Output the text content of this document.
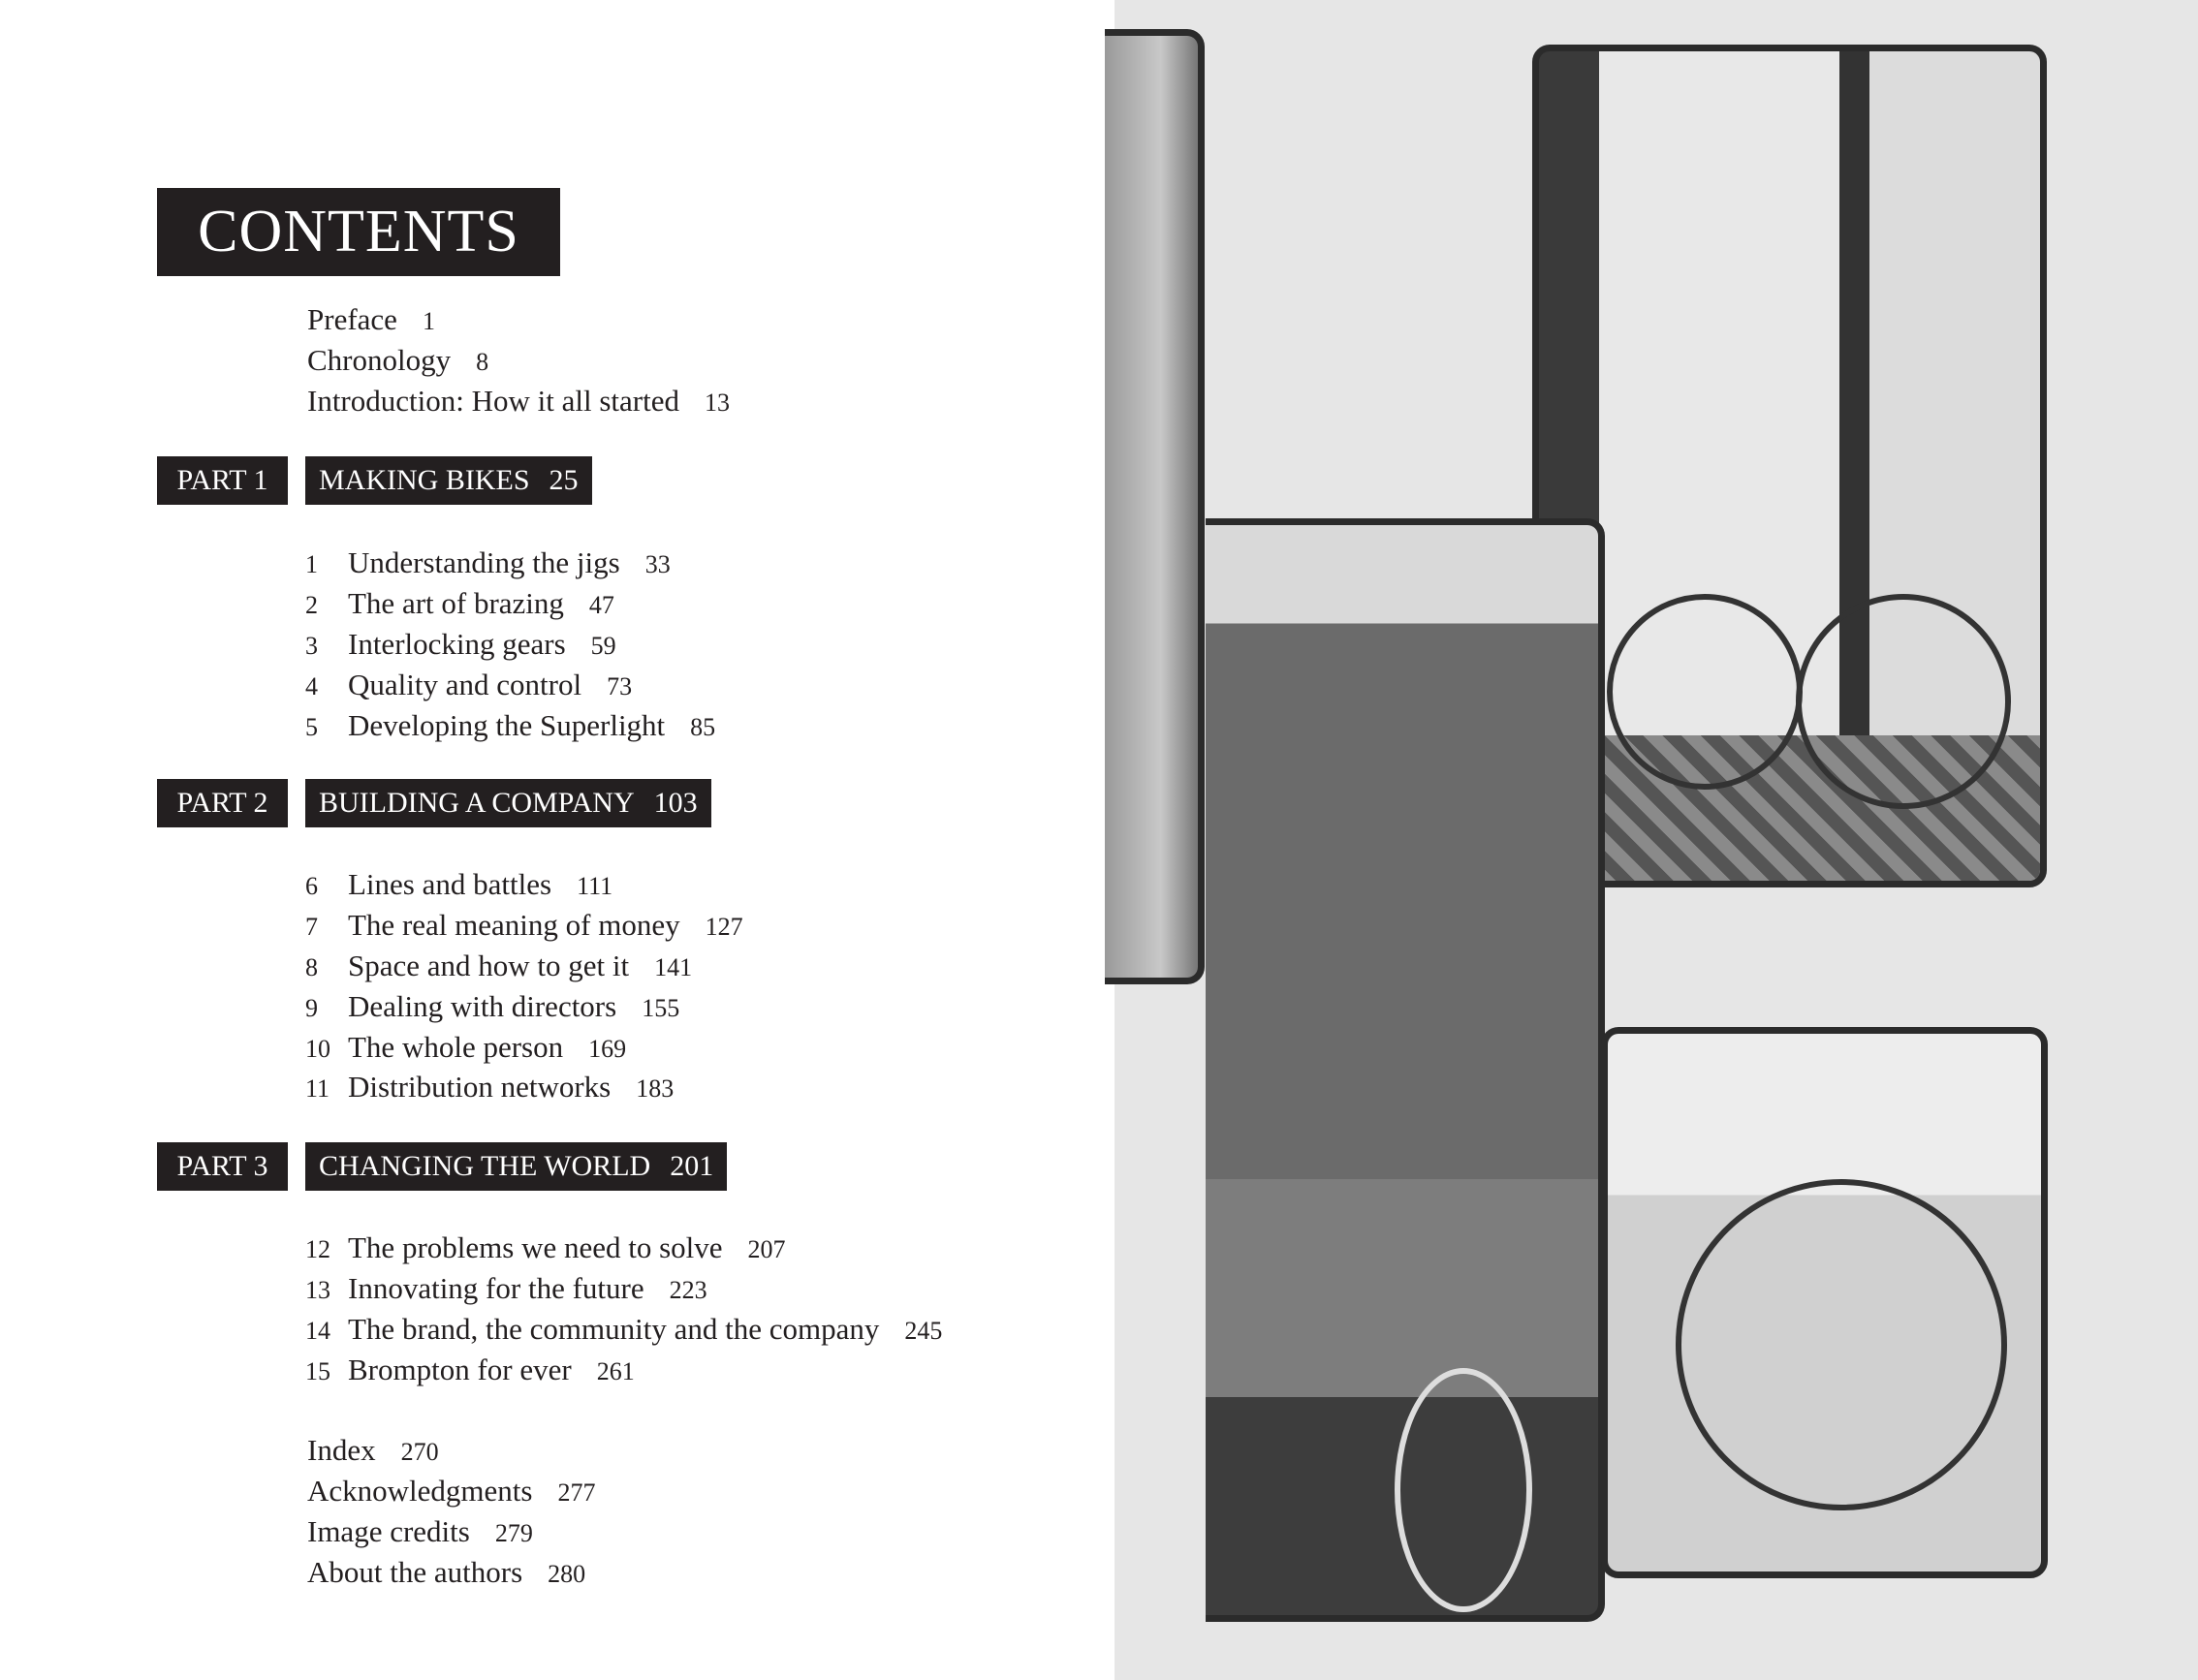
CONTENTS
Preface 1
Chronology 8
Introduction: How it all started 13
PART 1	MAKING BIKES 25
1 Understanding the jigs 33
2 The art of brazing 47
3 Interlocking gears 59
4 Quality and control 73
5 Developing the Superlight 85
PART 2	BUILDING A COMPANY 103
6 Lines and battles 111
7 The real meaning of money 127
8 Space and how to get it 141
9 Dealing with directors 155
10 The whole person 169
11 Distribution networks 183
PART 3	CHANGING THE WORLD 201
12 The problems we need to solve 207
13 Innovating for the future 223
14 The brand, the community and the company 245
15 Brompton for ever 261
Index 270
Acknowledgments 277
Image credits 279
About the authors 280
